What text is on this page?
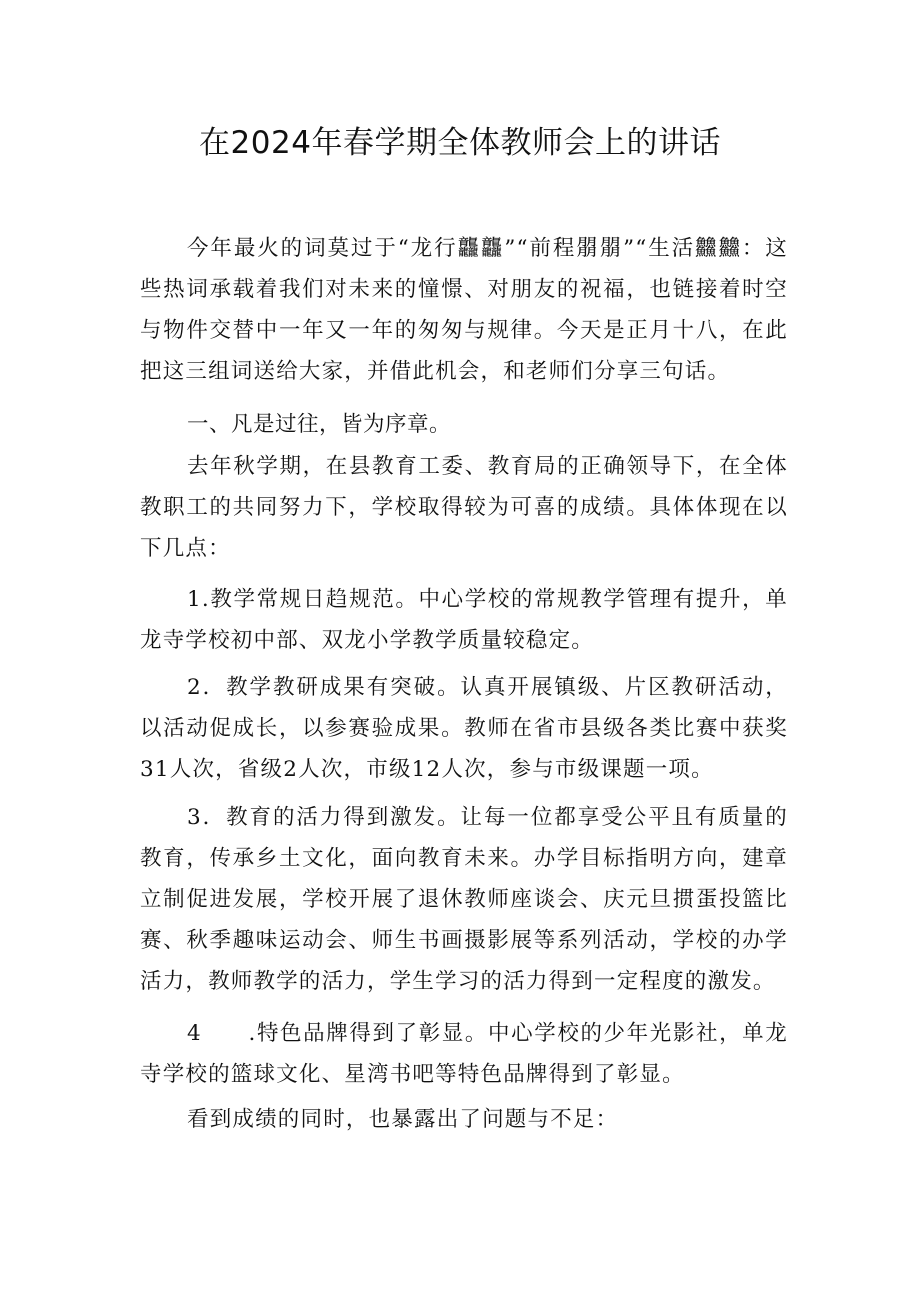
在2024年春学期全体教师会上的讲话

今年最火的词莫过于“龙行龘龘”“前程朤朤”“生活䲜䲜：这些热词承载着我们对未来的憧憬、对朋友的祝福，也链接着时空与物件交替中一年又一年的匆匆与规律。今天是正月十八，在此把这三组词送给大家，并借此机会，和老师们分享三句话。

一、凡是过往，皆为序章。

去年秋学期，在县教育工委、教育局的正确领导下，在全体教职工的共同努力下，学校取得较为可喜的成绩。具体体现在以下几点：

1.教学常规日趋规范。中心学校的常规教学管理有提升，单龙寺学校初中部、双龙小学教学质量较稳定。

2．教学教研成果有突破。认真开展镇级、片区教研活动，以活动促成长，以参赛验成果。教师在省市县级各类比赛中获奖31人次，省级2人次，市级12人次，参与市级课题一项。

3．教育的活力得到激发。让每一位都享受公平且有质量的教育，传承乡土文化，面向教育未来。办学目标指明方向，建章立制促进发展，学校开展了退休教师座谈会、庆元旦掼蛋投篮比赛、秋季趣味运动会、师生书画摄影展等系列活动，学校的办学活力，教师教学的活力，学生学习的活力得到一定程度的激发。

4　　.特色品牌得到了彰显。中心学校的少年光影社，单龙寺学校的篮球文化、星湾书吧等特色品牌得到了彰显。

看到成绩的同时，也暴露出了问题与不足：
